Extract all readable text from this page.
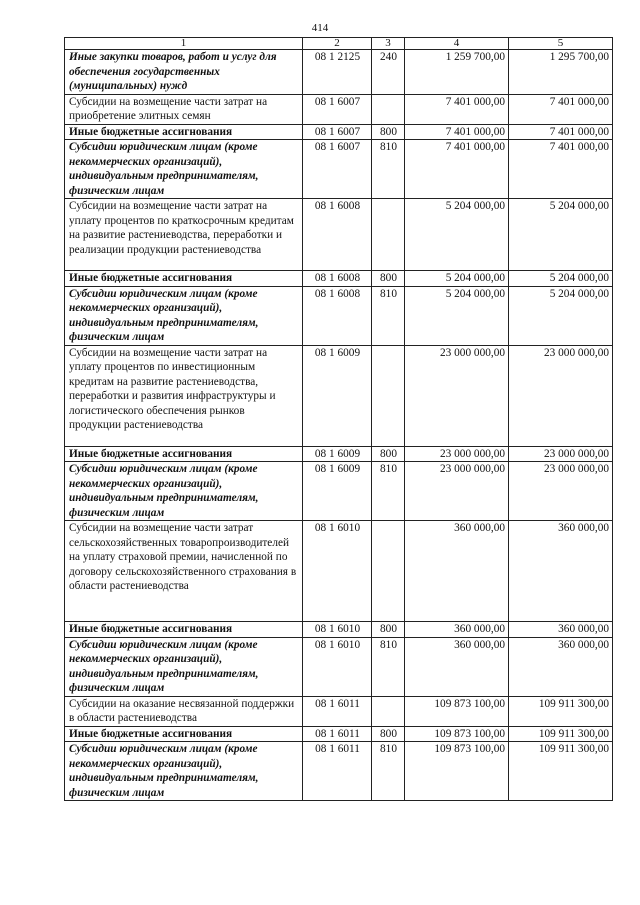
414
1	2	3	4	5
Иные закупки товаров, работ и услуг для обеспечения государственных (муниципальных) нужд	08 1 2125	240	1 259 700,00	1 295 700,00
Субсидии на возмещение части затрат на приобретение элитных семян	08 1 6007		7 401 000,00	7 401 000,00
Иные бюджетные ассигнования	08 1 6007	800	7 401 000,00	7 401 000,00
Субсидии юридическим лицам (кроме некоммерческих организаций), индивидуальным предпринимателям, физическим лицам	08 1 6007	810	7 401 000,00	7 401 000,00
Субсидии на возмещение части затрат на уплату процентов по краткосрочным кредитам на развитие растениеводства, переработки и реализации продукции растениеводства	08 1 6008		5 204 000,00	5 204 000,00
Иные бюджетные ассигнования	08 1 6008	800	5 204 000,00	5 204 000,00
Субсидии юридическим лицам (кроме некоммерческих организаций), индивидуальным предпринимателям, физическим лицам	08 1 6008	810	5 204 000,00	5 204 000,00
Субсидии на возмещение части затрат на уплату процентов по инвестиционным кредитам на развитие растениеводства, переработки и развития инфраструктуры и логистического обеспечения рынков продукции растениеводства	08 1 6009		23 000 000,00	23 000 000,00
Иные бюджетные ассигнования	08 1 6009	800	23 000 000,00	23 000 000,00
Субсидии юридическим лицам (кроме некоммерческих организаций), индивидуальным предпринимателям, физическим лицам	08 1 6009	810	23 000 000,00	23 000 000,00
Субсидии на возмещение части затрат сельскохозяйственных товаропроизводителей на уплату страховой премии, начисленной по договору сельскохозяйственного страхования в области растениеводства	08 1 6010		360 000,00	360 000,00
Иные бюджетные ассигнования	08 1 6010	800	360 000,00	360 000,00
Субсидии юридическим лицам (кроме некоммерческих организаций), индивидуальным предпринимателям, физическим лицам	08 1 6010	810	360 000,00	360 000,00
Субсидии на оказание несвязанной поддержки в области растениеводства	08 1 6011		109 873 100,00	109 911 300,00
Иные бюджетные ассигнования	08 1 6011	800	109 873 100,00	109 911 300,00
Субсидии юридическим лицам (кроме некоммерческих организаций), индивидуальным предпринимателям, физическим лицам	08 1 6011	810	109 873 100,00	109 911 300,00
